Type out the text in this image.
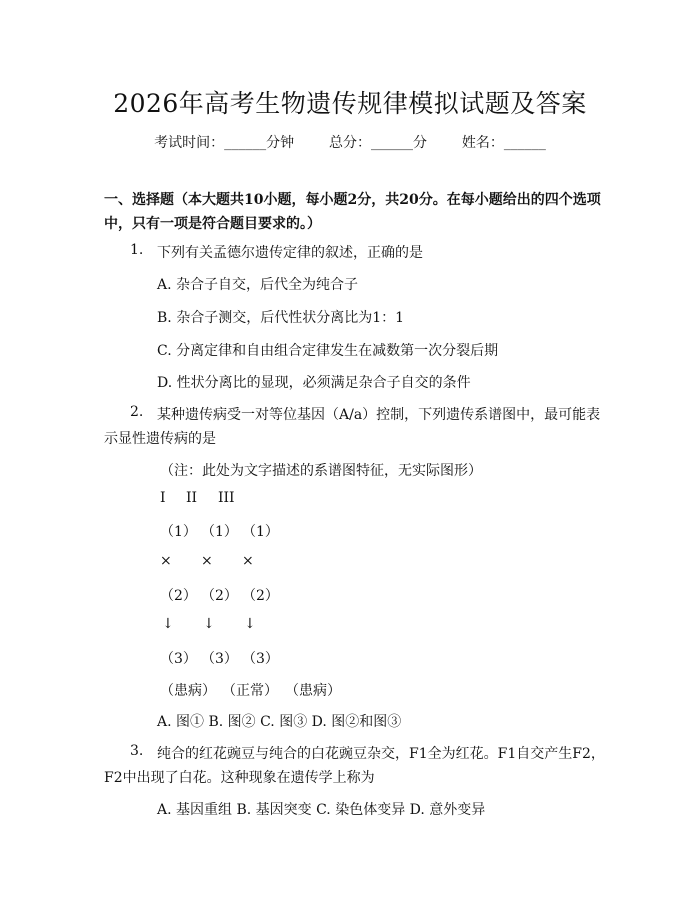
2026年高考生物遗传规律模拟试题及答案
考试时间：______分钟 总分：______分 姓名：______
一、选择题（本大题共10小题，每小题2分，共20分。在每小题给出的四个选项中，只有一项是符合题目要求的。）
1. 下列有关孟德尔遗传定律的叙述，正确的是
A. 杂合子自交，后代全为纯合子
B. 杂合子测交，后代性状分离比为1：1
C. 分离定律和自由组合定律发生在减数第一次分裂后期
D. 性状分离比的显现，必须满足杂合子自交的条件
2. 某种遗传病受一对等位基因（A/a）控制，下列遗传系谱图中，最可能表
示显性遗传病的是
（注：此处为文字描述的系谱图特征，无实际图形）
I II III
（1） （1） （1）
× × ×
（2） （2） （2）
↓ ↓ ↓
（3） （3） （3）
（患病） （正常） （患病）
A. 图① B. 图② C. 图③ D. 图②和图③
3. 纯合的红花豌豆与纯合的白花豌豆杂交，F1全为红花。F1自交产生F2，
F2中出现了白花。这种现象在遗传学上称为
A. 基因重组 B. 基因突变 C. 染色体变异 D. 意外变异
